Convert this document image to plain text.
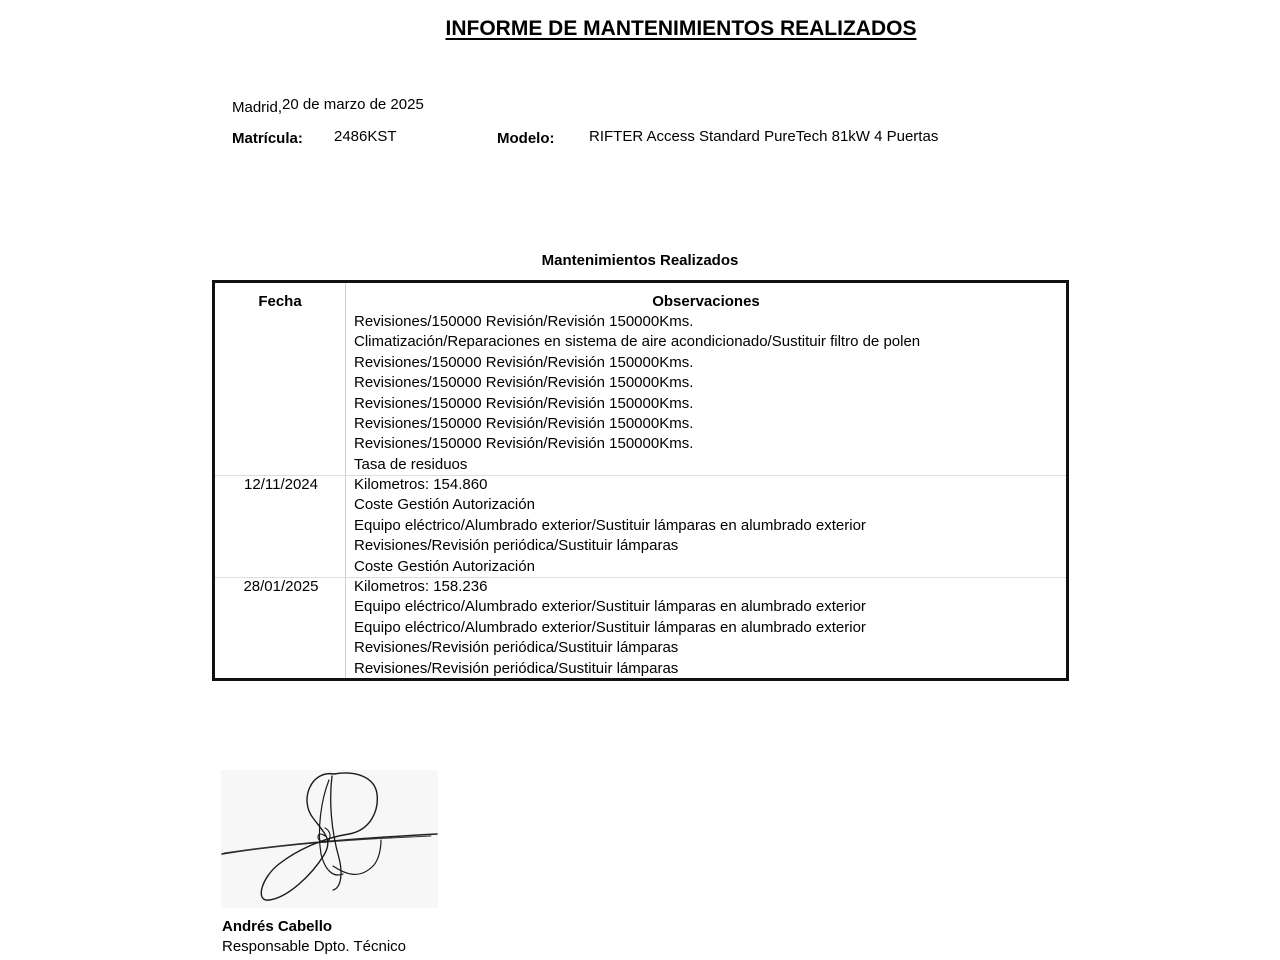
INFORME DE MANTENIMIENTOS REALIZADOS
Madrid,20 de marzo de 2025
Matrícula: 2486KST	Modelo: RIFTER Access Standard PureTech 81kW 4 Puertas
Mantenimientos Realizados
Fecha	Observaciones
Revisiones/150000 Revisión/Revisión 150000Kms.
Climatización/Reparaciones en sistema de aire acondicionado/Sustituir filtro de polen
Revisiones/150000 Revisión/Revisión 150000Kms.
Revisiones/150000 Revisión/Revisión 150000Kms.
Revisiones/150000 Revisión/Revisión 150000Kms.
Revisiones/150000 Revisión/Revisión 150000Kms.
Revisiones/150000 Revisión/Revisión 150000Kms.
Tasa de residuos
12/11/2024	Kilometros: 154.860
Coste Gestión Autorización
Equipo eléctrico/Alumbrado exterior/Sustituir lámparas en alumbrado exterior
Revisiones/Revisión periódica/Sustituir lámparas
Coste Gestión Autorización
28/01/2025	Kilometros: 158.236
Equipo eléctrico/Alumbrado exterior/Sustituir lámparas en alumbrado exterior
Equipo eléctrico/Alumbrado exterior/Sustituir lámparas en alumbrado exterior
Revisiones/Revisión periódica/Sustituir lámparas
Revisiones/Revisión periódica/Sustituir lámparas
Andrés Cabello
Responsable Dpto. Técnico
